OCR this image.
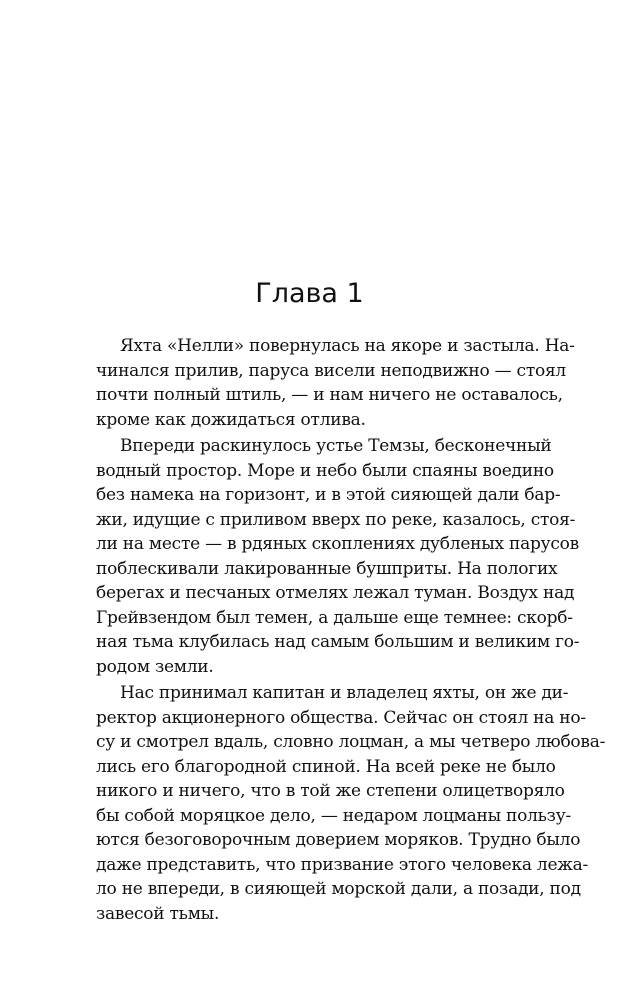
Глава 1

Яхта «Нелли» повернулась на якоре и застыла. На-
чинался прилив, паруса висели неподвижно — стоял
почти полный штиль, — и нам ничего не оставалось,
кроме как дожидаться отлива.

Впереди раскинулось устье Темзы, бесконечный
водный простор. Море и небо были спаяны воедино
без намека на горизонт, и в этой сияющей дали бар-
жи, идущие с приливом вверх по реке, казалось, стоя-
ли на месте — в рдяных скоплениях дубленых парусов
поблескивали лакированные бушприты. На пологих
берегах и песчаных отмелях лежал туман. Воздух над
Грейвзендом был темен, а дальше еще темнее: скорб-
ная тьма клубилась над самым большим и великим го-
родом земли.

Нас принимал капитан и владелец яхты, он же ди-
ректор акционерного общества. Сейчас он стоял на но-
су и смотрел вдаль, словно лоцман, а мы четверо любова-
лись его благородной спиной. На всей реке не было
никого и ничего, что в той же степени олицетворяло
бы собой моряцкое дело, — недаром лоцманы пользу-
ются безоговорочным доверием моряков. Трудно было
даже представить, что призвание этого человека лежа-
ло не впереди, в сияющей морской дали, а позади, под
завесой тьмы.
